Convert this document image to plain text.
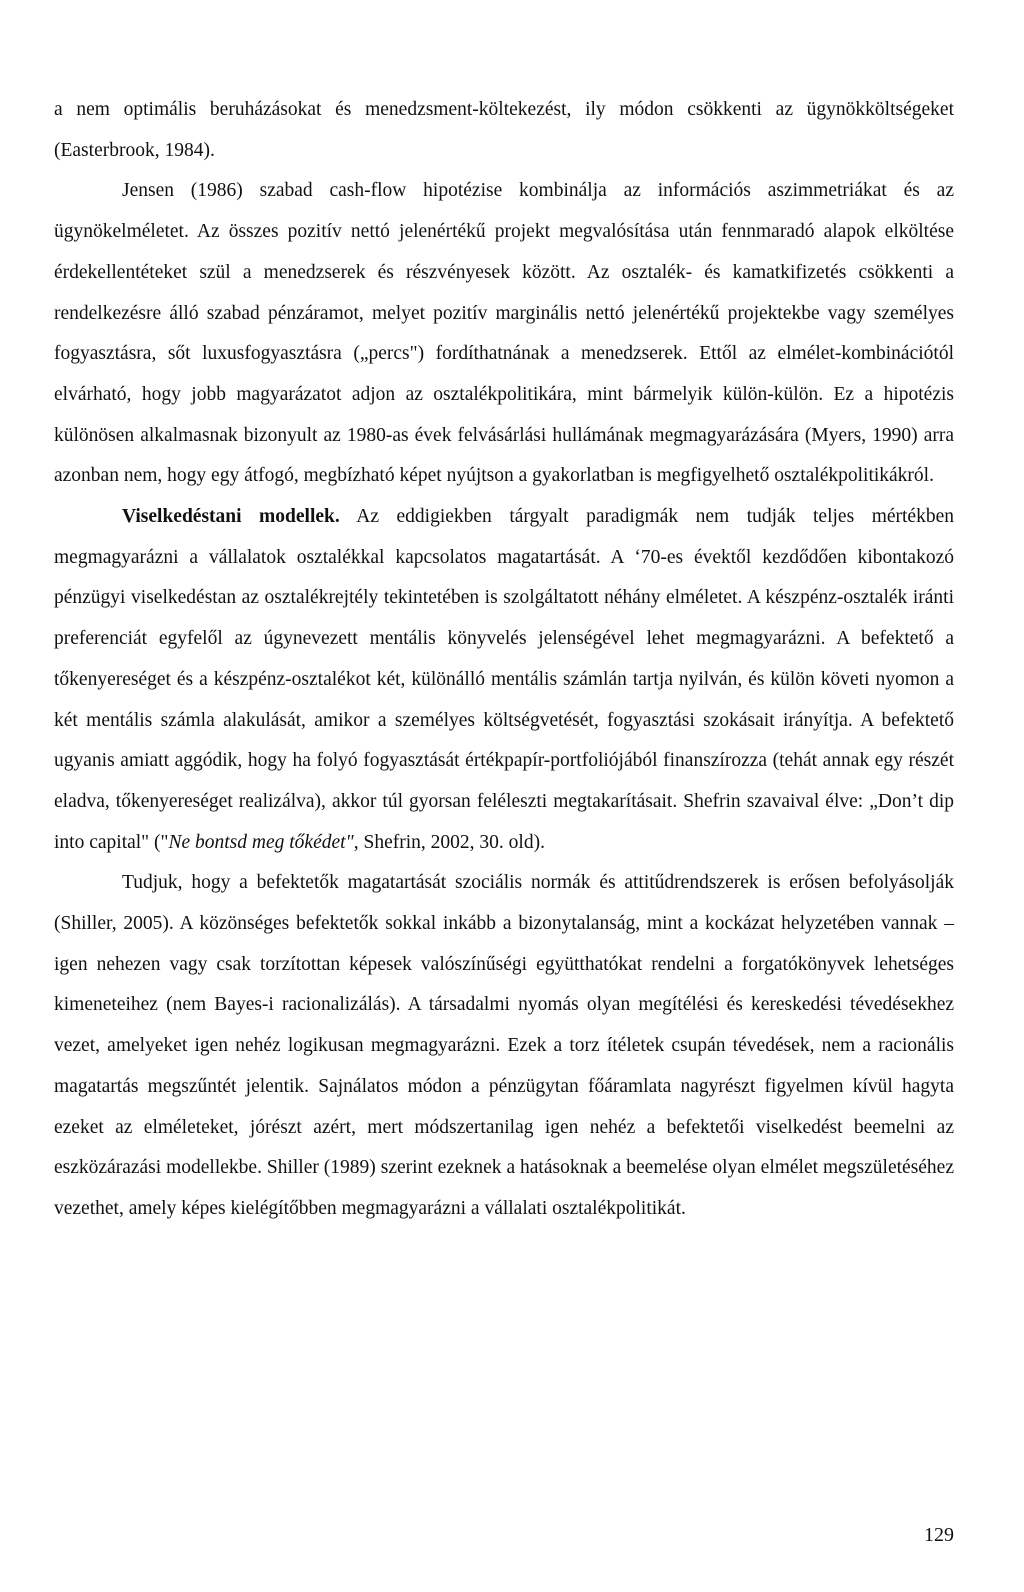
a nem optimális beruházásokat és menedzsment-költekezést, ily módon csökkenti az ügynökköltségeket (Easterbrook, 1984).

Jensen (1986) szabad cash-flow hipotézise kombinálja az információs aszimmetriákat és az ügynökelméletet. Az összes pozitív nettó jelenértékű projekt megvalósítása után fennmaradó alapok elköltése érdekellentéteket szül a menedzserek és részvényesek között. Az osztalék- és kamatkifizetés csökkenti a rendelkezésre álló szabad pénzáramot, melyet pozitív marginális nettó jelenértékű projektekbe vagy személyes fogyasztásra, sőt luxusfogyasztásra („percs") fordíthatnának a menedzserek. Ettől az elmélet-kombinációtól elvárható, hogy jobb magyarázatot adjon az osztalékpolitikára, mint bármelyik külön-külön. Ez a hipotézis különösen alkalmasnak bizonyult az 1980-as évek felvásárlási hullámának megmagyarázására (Myers, 1990) arra azonban nem, hogy egy átfogó, megbízható képet nyújtson a gyakorlatban is megfigyelhető osztalékpolitikákról.

Viselkedéstani modellek. Az eddigiekben tárgyalt paradigmák nem tudják teljes mértékben megmagyarázni a vállalatok osztalékkal kapcsolatos magatartását. A ‘70-es évektől kezdődően kibontakozó pénzügyi viselkedéstan az osztalékrejtély tekintetében is szolgáltatott néhány elméletet. A készpénz-osztalék iránti preferenciát egyfelől az úgynevezett mentális könyvelés jelenségével lehet megmagyarázni. A befektető a tőkenyereséget és a készpénz-osztalékot két, különálló mentális számlán tartja nyilván, és külön követi nyomon a két mentális számla alakulását, amikor a személyes költségvetését, fogyasztási szokásait irányítja. A befektető ugyanis amiatt aggódik, hogy ha folyó fogyasztását értékpapír-portfoliójából finanszírozza (tehát annak egy részét eladva, tőkenyereséget realizálva), akkor túl gyorsan feléleszti megtakarításait. Shefrin szavaival élve: „Don’t dip into capital" ("Ne bontsd meg tőkédet", Shefrin, 2002, 30. old).

Tudjuk, hogy a befektetők magatartását szociális normák és attitűdrendszerek is erősen befolyásolják (Shiller, 2005). A közönséges befektetők sokkal inkább a bizonytalanság, mint a kockázat helyzetében vannak – igen nehezen vagy csak torzítottan képesek valószínűségi együtthatókat rendelni a forgatókönyvek lehetséges kimeneteihez (nem Bayes-i racionalizálás). A társadalmi nyomás olyan megítélési és kereskedési tévedésekhez vezet, amelyeket igen nehéz logikusan megmagyarázni. Ezek a torz ítéletek csupán tévedések, nem a racionális magatartás megszűntét jelentik. Sajnálatos módon a pénzügytan főáramlata nagyrészt figyelmen kívül hagyta ezeket az elméleteket, jórészt azért, mert módszertanilag igen nehéz a befektetői viselkedést beemelni az eszközárazási modellekbe. Shiller (1989) szerint ezeknek a hatásoknak a beemelése olyan elmélet megszületéséhez vezethet, amely képes kielégítőbben megmagyarázni a vállalati osztalékpolitikát.

129
